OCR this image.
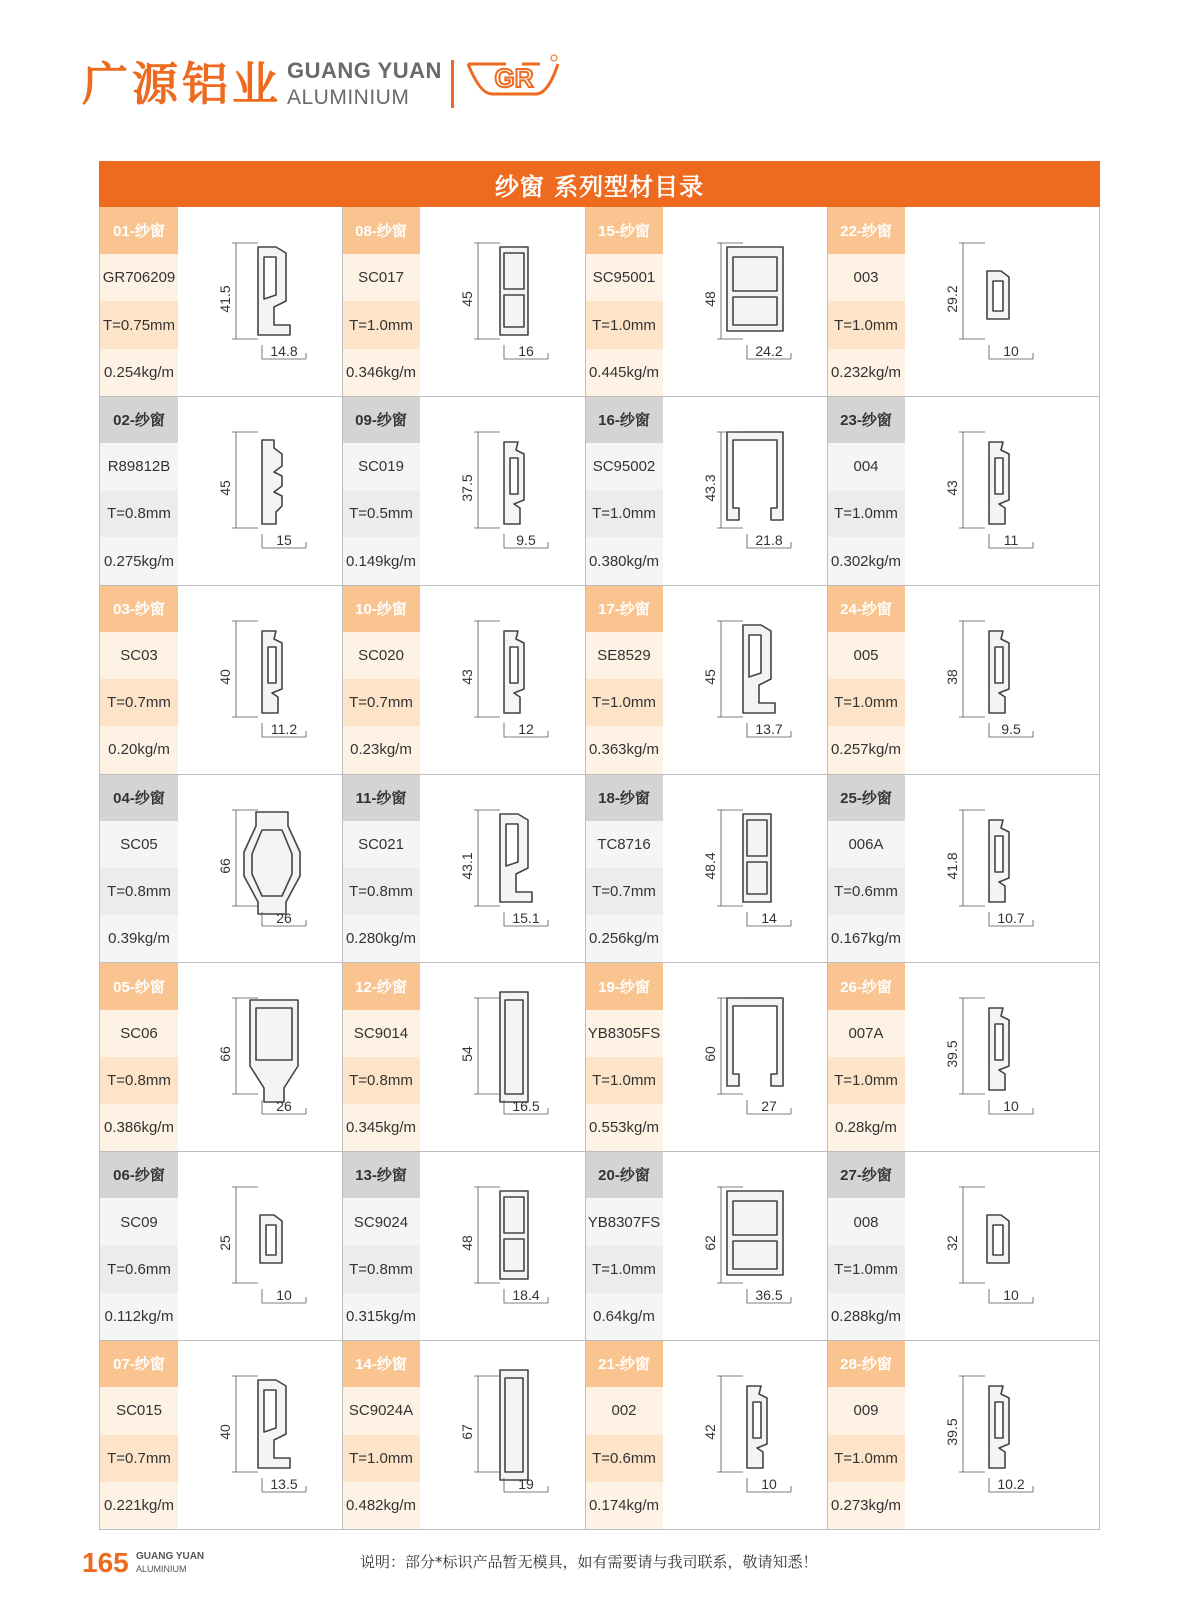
广源铝业 GUANG YUAN
ALUMINIUM
GR
纱窗 系列型材目录
01-纱窗
GR706209
T=0.75mm
0.254kg/m
41.5
14.8
02-纱窗
R89812B
T=0.8mm
0.275kg/m
45
15
03-纱窗
SC03
T=0.7mm
0.20kg/m
40
11.2
04-纱窗
SC05
T=0.8mm
0.39kg/m
66
26
05-纱窗
SC06
T=0.8mm
0.386kg/m
66
26
06-纱窗
SC09
T=0.6mm
0.112kg/m
25
10
07-纱窗
SC015
T=0.7mm
0.221kg/m
40
13.5
08-纱窗
SC017
T=1.0mm
0.346kg/m
45
16
09-纱窗
SC019
T=0.5mm
0.149kg/m
37.5
9.5
10-纱窗
SC020
T=0.7mm
0.23kg/m
43
12
11-纱窗
SC021
T=0.8mm
0.280kg/m
43.1
15.1
12-纱窗
SC9014
T=0.8mm
0.345kg/m
54
16.5
13-纱窗
SC9024
T=0.8mm
0.315kg/m
48
18.4
14-纱窗
SC9024A
T=1.0mm
0.482kg/m
67
19
15-纱窗
SC95001
T=1.0mm
0.445kg/m
48
24.2
16-纱窗
SC95002
T=1.0mm
0.380kg/m
43.3
21.8
17-纱窗
SE8529
T=1.0mm
0.363kg/m
45
13.7
18-纱窗
TC8716
T=0.7mm
0.256kg/m
48.4
14
19-纱窗
YB8305FS
T=1.0mm
0.553kg/m
60
27
20-纱窗
YB8307FS
T=1.0mm
0.64kg/m
62
36.5
21-纱窗
002
T=0.6mm
0.174kg/m
42
10
22-纱窗
003
T=1.0mm
0.232kg/m
29.2
10
23-纱窗
004
T=1.0mm
0.302kg/m
43
11
24-纱窗
005
T=1.0mm
0.257kg/m
38
9.5
25-纱窗
006A
T=0.6mm
0.167kg/m
41.8
10.7
26-纱窗
007A
T=1.0mm
0.28kg/m
39.5
10
27-纱窗
008
T=1.0mm
0.288kg/m
32
10
28-纱窗
009
T=1.0mm
0.273kg/m
39.5
10.2
165 GUANG YUAN
ALUMINIUM	说明：部分*标识产品暂无模具，如有需要请与我司联系，敬请知悉！
